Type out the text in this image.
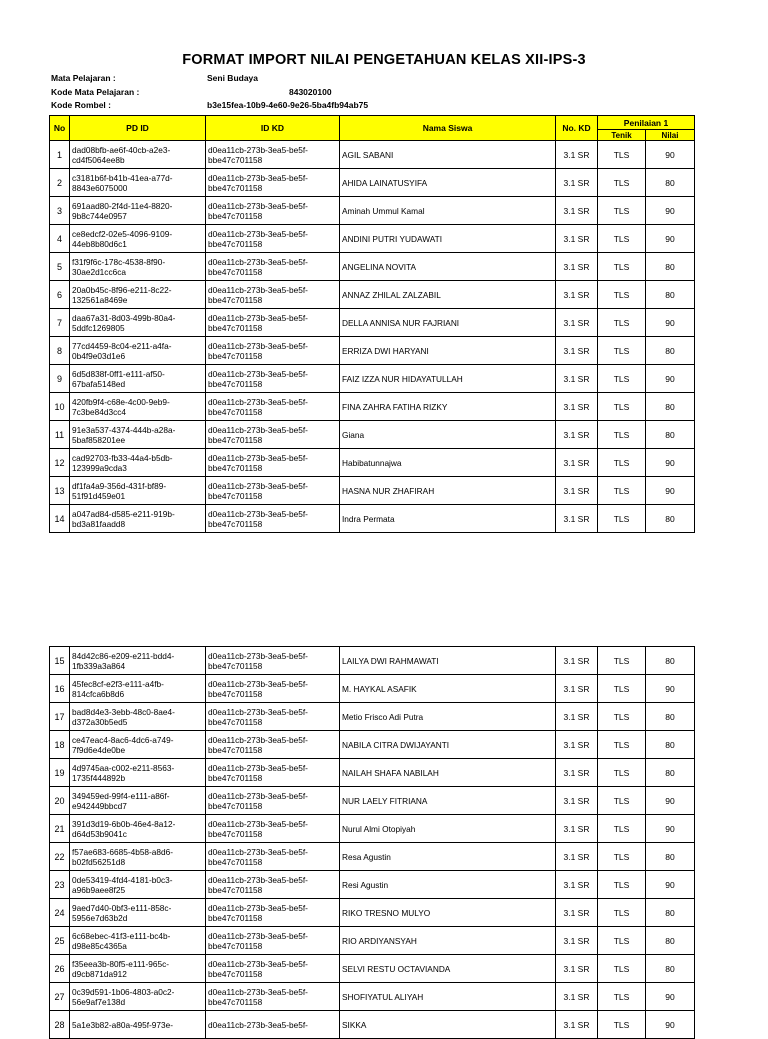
FORMAT IMPORT NILAI PENGETAHUAN KELAS XII-IPS-3
Mata Pelajaran :	Seni Budaya
Kode Mata Pelajaran :	843020100
Kode Rombel :	b3e15fea-10b9-4e60-9e26-5ba4fb94ab75
No	PD ID	ID KD	Nama Siswa	No. KD	Penilaian 1	
					Tenik	Nilai
1	dad08bfb-ae6f-40cb-a2e3-cd4f5064ee8b	d0ea11cb-273b-3ea5-be5f-bbe47c701158	AGIL SABANI	3.1 SR	TLS	90
2	c3181b6f-b41b-41ea-a77d-8843e6075000	d0ea11cb-273b-3ea5-be5f-bbe47c701158	AHIDA LAINATUSYIFA	3.1 SR	TLS	80
3	691aad80-2f4d-11e4-8820-9b8c744e0957	d0ea11cb-273b-3ea5-be5f-bbe47c701158	Aminah Ummul Kamal	3.1 SR	TLS	90
4	ce8edcf2-02e5-4096-9109-44eb8b80d6c1	d0ea11cb-273b-3ea5-be5f-bbe47c701158	ANDINI PUTRI YUDAWATI	3.1 SR	TLS	90
5	f31f9f6c-178c-4538-8f90-30ae2d1cc6ca	d0ea11cb-273b-3ea5-be5f-bbe47c701158	ANGELINA NOVITA	3.1 SR	TLS	80
6	20a0b45c-8f96-e211-8c22-132561a8469e	d0ea11cb-273b-3ea5-be5f-bbe47c701158	ANNAZ ZHILAL ZALZABIL	3.1 SR	TLS	80
7	daa67a31-8d03-499b-80a4-5ddfc1269805	d0ea11cb-273b-3ea5-be5f-bbe47c701158	DELLA ANNISA NUR FAJRIANI	3.1 SR	TLS	90
8	77cd4459-8c04-e211-a4fa-0b4f9e03d1e6	d0ea11cb-273b-3ea5-be5f-bbe47c701158	ERRIZA DWI HARYANI	3.1 SR	TLS	80
9	6d5d838f-0ff1-e111-af50-67bafa5148ed	d0ea11cb-273b-3ea5-be5f-bbe47c701158	FAIZ IZZA NUR HIDAYATULLAH	3.1 SR	TLS	90
10	420fb9f4-c68e-4c00-9eb9-7c3be84d3cc4	d0ea11cb-273b-3ea5-be5f-bbe47c701158	FINA ZAHRA FATIHA RIZKY	3.1 SR	TLS	80
11	91e3a537-4374-444b-a28a-5baf858201ee	d0ea11cb-273b-3ea5-be5f-bbe47c701158	Giana	3.1 SR	TLS	80
12	cad92703-fb33-44a4-b5db-123999a9cda3	d0ea11cb-273b-3ea5-be5f-bbe47c701158	Habibatunnajwa	3.1 SR	TLS	90
13	df1fa4a9-356d-431f-bf89-51f91d459e01	d0ea11cb-273b-3ea5-be5f-bbe47c701158	HASNA NUR ZHAFIRAH	3.1 SR	TLS	90
14	a047ad84-d585-e211-919b-bd3a81faadd8	d0ea11cb-273b-3ea5-be5f-bbe47c701158	Indra Permata	3.1 SR	TLS	80
15	84d42c86-e209-e211-bdd4-1fb339a3a864	d0ea11cb-273b-3ea5-be5f-bbe47c701158	LAILYA DWI RAHMAWATI	3.1 SR	TLS	80
16	45fec8cf-e2f3-e111-a4fb-814cfca6b8d6	d0ea11cb-273b-3ea5-be5f-bbe47c701158	M. HAYKAL ASAFIK	3.1 SR	TLS	90
17	bad8d4e3-3ebb-48c0-8ae4-d372a30b5ed5	d0ea11cb-273b-3ea5-be5f-bbe47c701158	Metio Frisco Adi Putra	3.1 SR	TLS	80
18	ce47eac4-8ac6-4dc6-a749-7f9d6e4de0be	d0ea11cb-273b-3ea5-be5f-bbe47c701158	NABILA CITRA DWIJAYANTI	3.1 SR	TLS	80
19	4d9745aa-c002-e211-8563-1735f444892b	d0ea11cb-273b-3ea5-be5f-bbe47c701158	NAILAH SHAFA NABILAH	3.1 SR	TLS	80
20	349459ed-99f4-e111-a86f-e942449bbcd7	d0ea11cb-273b-3ea5-be5f-bbe47c701158	NUR LAELY FITRIANA	3.1 SR	TLS	90
21	391d3d19-6b0b-46e4-8a12-d64d53b9041c	d0ea11cb-273b-3ea5-be5f-bbe47c701158	Nurul Almi Otopiyah	3.1 SR	TLS	90
22	f57ae683-6685-4b58-a8d6-b02fd56251d8	d0ea11cb-273b-3ea5-be5f-bbe47c701158	Resa Agustin	3.1 SR	TLS	80
23	0de53419-4fd4-4181-b0c3-a96b9aee8f25	d0ea11cb-273b-3ea5-be5f-bbe47c701158	Resi Agustin	3.1 SR	TLS	90
24	9aed7d40-0bf3-e111-858c-5956e7d63b2d	d0ea11cb-273b-3ea5-be5f-bbe47c701158	RIKO TRESNO MULYO	3.1 SR	TLS	80
25	6c68ebec-41f3-e111-bc4b-d98e85c4365a	d0ea11cb-273b-3ea5-be5f-bbe47c701158	RIO ARDIYANSYAH	3.1 SR	TLS	80
26	f35eea3b-80f5-e111-965c-d9cb871da912	d0ea11cb-273b-3ea5-be5f-bbe47c701158	SELVI RESTU OCTAVIANDA	3.1 SR	TLS	80
27	0c39d591-1b06-4803-a0c2-56e9af7e138d	d0ea11cb-273b-3ea5-be5f-bbe47c701158	SHOFIYATUL ALIYAH	3.1 SR	TLS	90
28	5a1e3b82-a80a-495f-973e-	d0ea11cb-273b-3ea5-be5f-	SIKKA	3.1 SR	TLS	90
